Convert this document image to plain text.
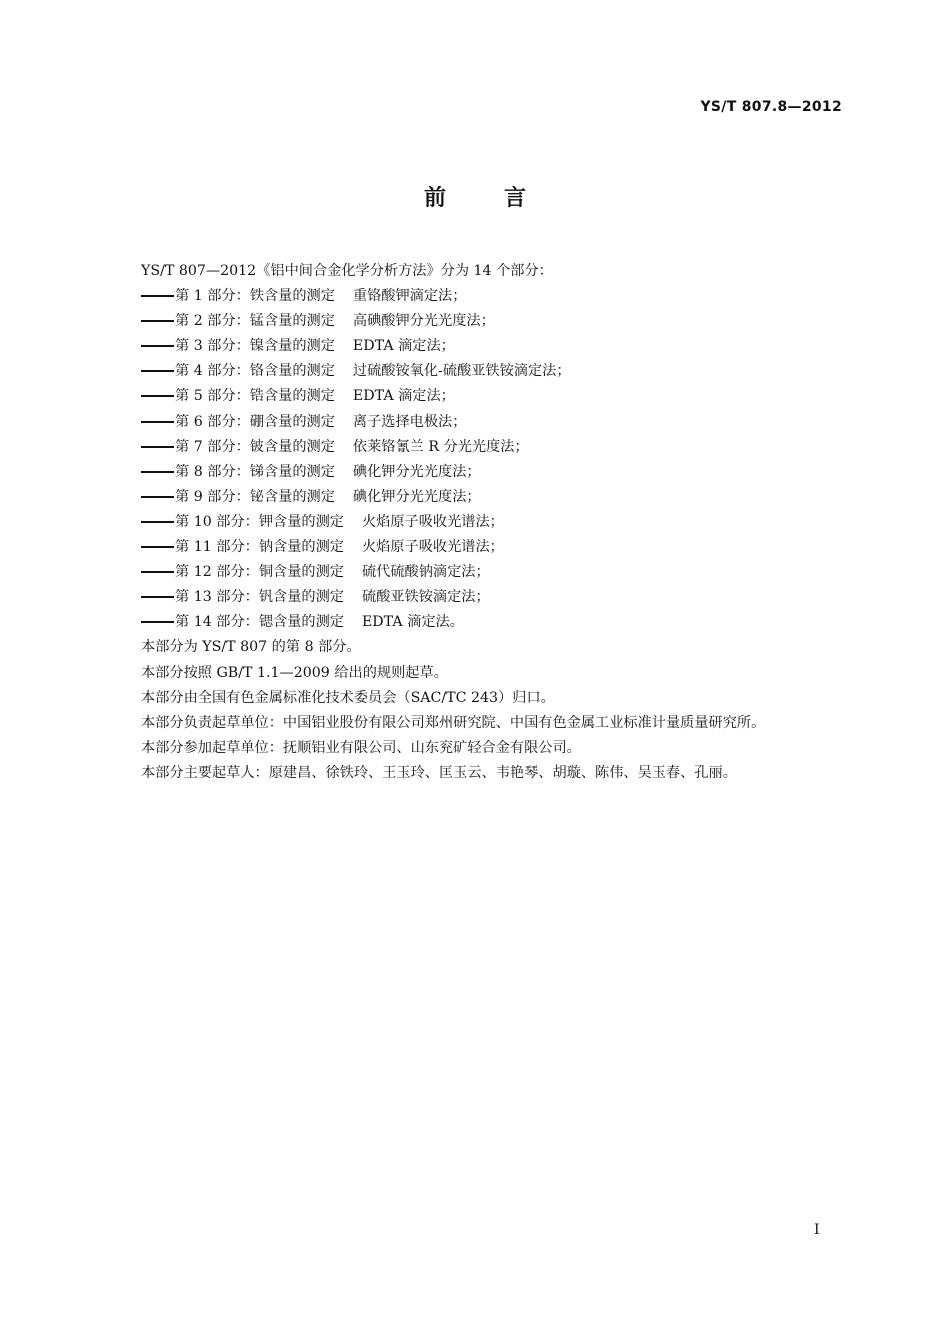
YS/T 807.8—2012
前言

YS/T 807—2012《铝中间合金化学分析方法》分为 14 个部分：

第 1 部分：铁含量的测定 重铬酸钾滴定法；
第 2 部分：锰含量的测定 高碘酸钾分光光度法；
第 3 部分：镍含量的测定 EDTA 滴定法；
第 4 部分：铬含量的测定 过硫酸铵氧化-硫酸亚铁铵滴定法；
第 5 部分：锆含量的测定 EDTA 滴定法；
第 6 部分：硼含量的测定 离子选择电极法；
第 7 部分：铍含量的测定 依莱铬氰兰 R 分光光度法；
第 8 部分：锑含量的测定 碘化钾分光光度法；
第 9 部分：铋含量的测定 碘化钾分光光度法；
第 10 部分：钾含量的测定 火焰原子吸收光谱法；
第 11 部分：钠含量的测定 火焰原子吸收光谱法；
第 12 部分：铜含量的测定 硫代硫酸钠滴定法；
第 13 部分：钒含量的测定 硫酸亚铁铵滴定法；
第 14 部分：锶含量的测定 EDTA 滴定法。

本部分为 YS/T 807 的第 8 部分。

本部分按照 GB/T 1.1—2009 给出的规则起草。

本部分由全国有色金属标准化技术委员会（SAC/TC 243）归口。

本部分负责起草单位：中国铝业股份有限公司郑州研究院、中国有色金属工业标准计量质量研究所。

本部分参加起草单位：抚顺铝业有限公司、山东兖矿轻合金有限公司。

本部分主要起草人：原建昌、徐铁玲、王玉玲、匡玉云、韦艳琴、胡璇、陈伟、吴玉春、孔丽。

I
